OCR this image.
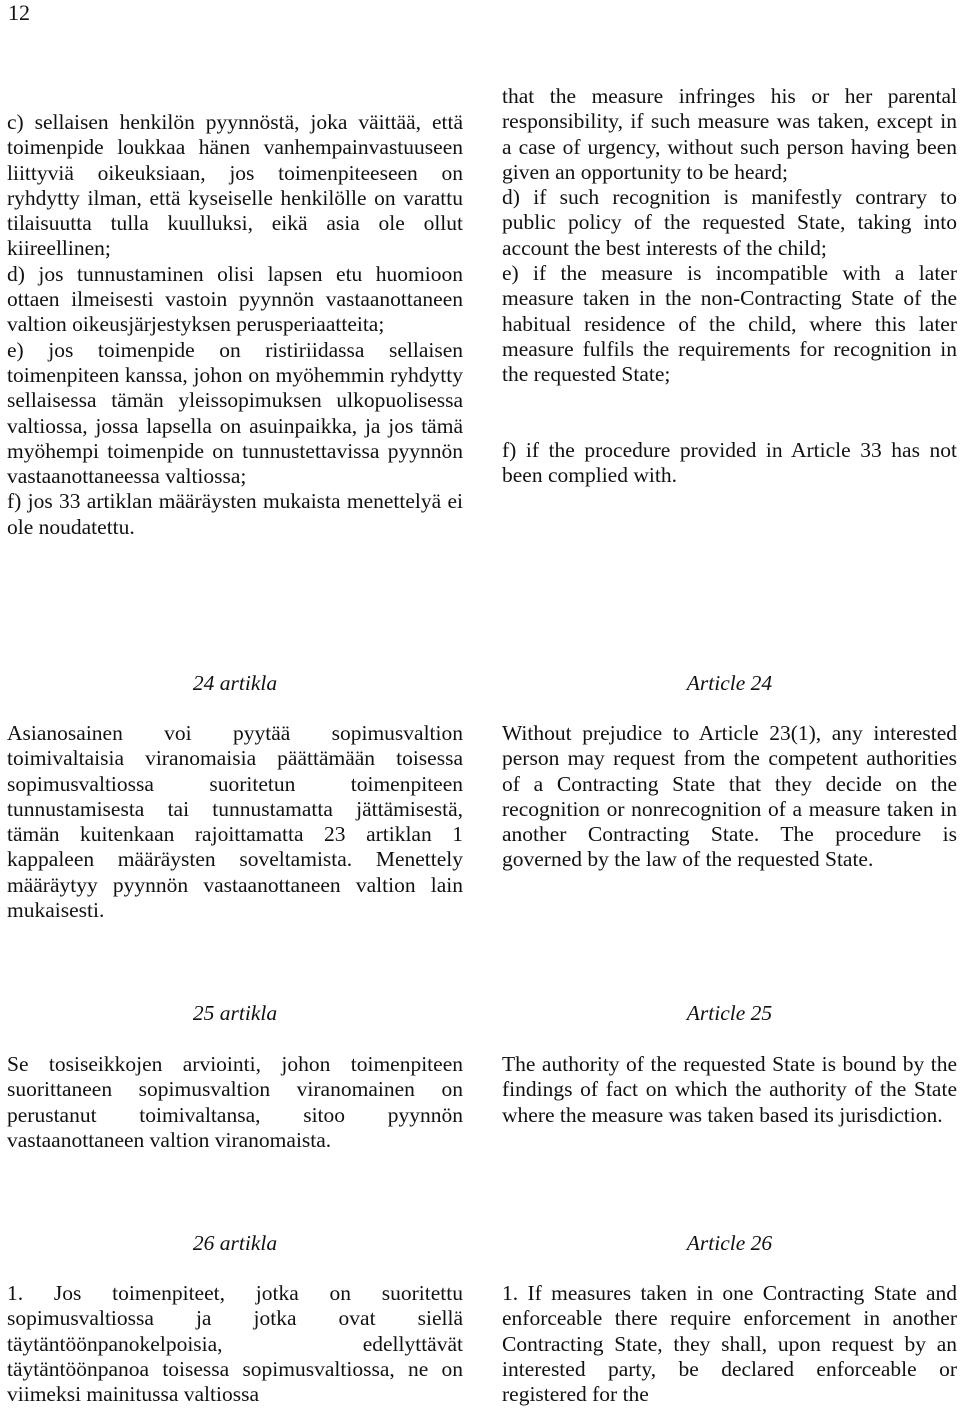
12

c) sellaisen henkilön pyynnöstä, joka väittää, että toimenpide loukkaa hänen vanhempainvastuuseen liittyviä oikeuksiaan, jos toimenpiteeseen on ryhdytty ilman, että kyseiselle henkilölle on varattu tilaisuutta tulla kuulluksi, eikä asia ole ollut kiireellinen;

d) jos tunnustaminen olisi lapsen etu huomioon ottaen ilmeisesti vastoin pyynnön vastaanottaneen valtion oikeusjärjestyksen perusperiaatteita;

e) jos toimenpide on ristiriidassa sellaisen toimenpiteen kanssa, johon on myöhemmin ryhdytty sellaisessa tämän yleissopimuksen ulkopuolisessa valtiossa, jossa lapsella on asuinpaikka, ja jos tämä myöhempi toimenpide on tunnustettavissa pyynnön vastaanottaneessa valtiossa;

f) jos 33 artiklan määräysten mukaista menettelyä ei ole noudatettu.

that the measure infringes his or her parental responsibility, if such measure was taken, except in a case of urgency, without such person having been given an opportunity to be heard;

d) if such recognition is manifestly contrary to public policy of the requested State, taking into account the best interests of the child;

e) if the measure is incompatible with a later measure taken in the non-Contracting State of the habitual residence of the child, where this later measure fulfils the requirements for recognition in the requested State;

f) if the procedure provided in Article 33 has not been complied with.

24 artikla	Article 24

Asianosainen voi pyytää sopimusvaltion toimivaltaisia viranomaisia päättämään toisessa sopimusvaltiossa suoritetun toimenpiteen tunnustamisesta tai tunnustamatta jättämisestä, tämän kuitenkaan rajoittamatta 23 artiklan 1 kappaleen määräysten soveltamista. Menettely määräytyy pyynnön vastaanottaneen valtion lain mukaisesti.

Without prejudice to Article 23(1), any interested person may request from the competent authorities of a Contracting State that they decide on the recognition or nonrecognition of a measure taken in another Contracting State. The procedure is governed by the law of the requested State.

25 artikla	Article 25

Se tosiseikkojen arviointi, johon toimenpiteen suorittaneen sopimusvaltion viranomainen on perustanut toimivaltansa, sitoo pyynnön vastaanottaneen valtion viranomaista.

The authority of the requested State is bound by the findings of fact on which the authority of the State where the measure was taken based its jurisdiction.

26 artikla	Article 26

1. Jos toimenpiteet, jotka on suoritettu sopimusvaltiossa ja jotka ovat siellä täytäntöönpanokelpoisia, edellyttävät täytäntöönpanoa toisessa sopimusvaltiossa, ne on viimeksi mainitussa valtiossa

1. If measures taken in one Contracting State and enforceable there require enforcement in another Contracting State, they shall, upon request by an interested party, be declared enforceable or registered for the
